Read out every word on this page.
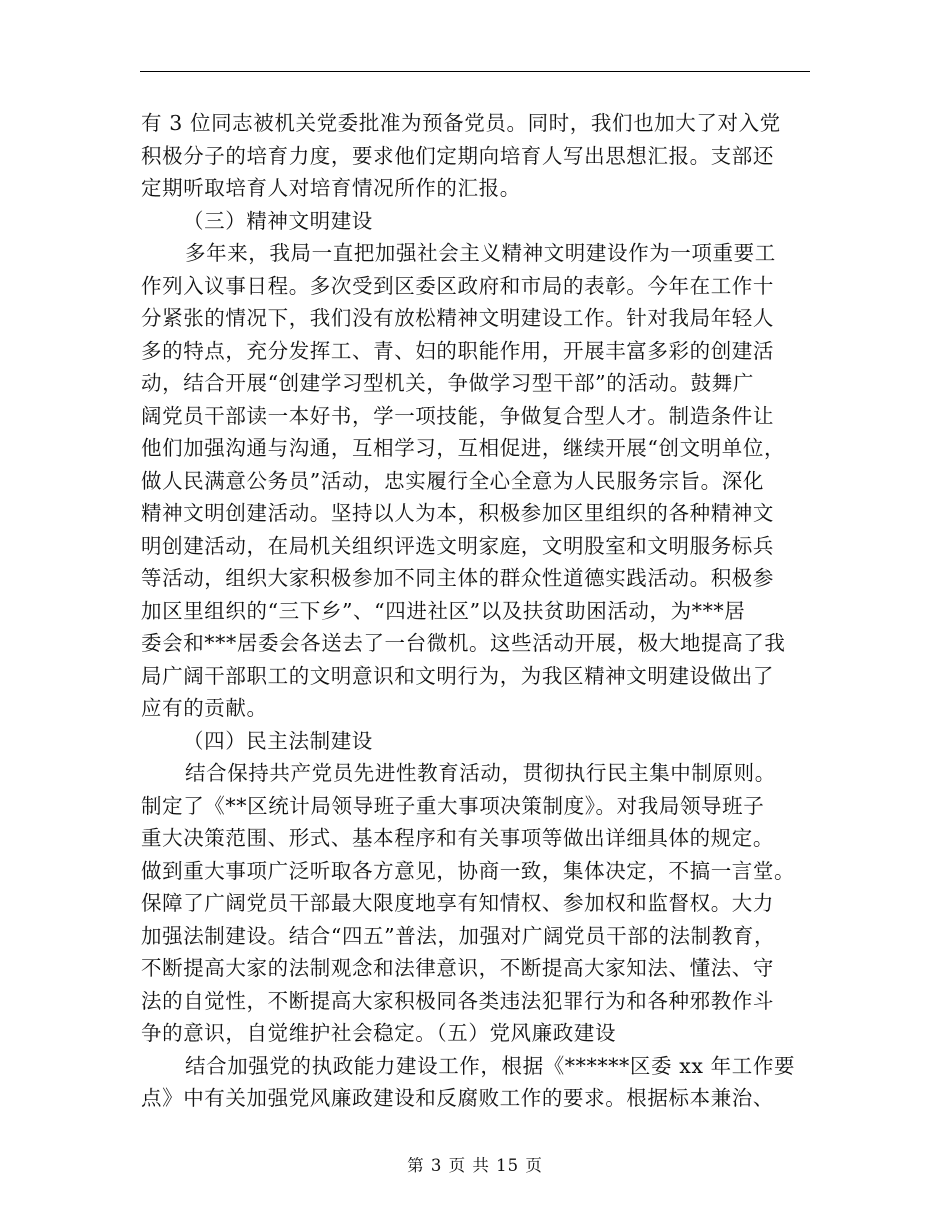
有 3 位同志被机关党委批准为预备党员。同时，我们也加大了对入党
积极分子的培育力度，要求他们定期向培育人写出思想汇报。支部还
定期听取培育人对培育情况所作的汇报。
（三）精神文明建设
多年来，我局一直把加强社会主义精神文明建设作为一项重要工
作列入议事日程。多次受到区委区政府和市局的表彰。今年在工作十
分紧张的情况下，我们没有放松精神文明建设工作。针对我局年轻人
多的特点，充分发挥工、青、妇的职能作用，开展丰富多彩的创建活
动，结合开展“创建学习型机关，争做学习型干部”的活动。鼓舞广
阔党员干部读一本好书，学一项技能，争做复合型人才。制造条件让
他们加强沟通与沟通，互相学习，互相促进，继续开展“创文明单位，
做人民满意公务员”活动，忠实履行全心全意为人民服务宗旨。深化
精神文明创建活动。坚持以人为本，积极参加区里组织的各种精神文
明创建活动，在局机关组织评选文明家庭，文明股室和文明服务标兵
等活动，组织大家积极参加不同主体的群众性道德实践活动。积极参
加区里组织的“三下乡”、“四进社区”以及扶贫助困活动，为***居
委会和***居委会各送去了一台微机。这些活动开展，极大地提高了我
局广阔干部职工的文明意识和文明行为，为我区精神文明建设做出了
应有的贡献。
（四）民主法制建设
结合保持共产党员先进性教育活动，贯彻执行民主集中制原则。
制定了《**区统计局领导班子重大事项决策制度》。对我局领导班子
重大决策范围、形式、基本程序和有关事项等做出详细具体的规定。
做到重大事项广泛听取各方意见，协商一致，集体决定，不搞一言堂。
保障了广阔党员干部最大限度地享有知情权、参加权和监督权。大力
加强法制建设。结合“四五”普法，加强对广阔党员干部的法制教育，
不断提高大家的法制观念和法律意识，不断提高大家知法、懂法、守
法的自觉性，不断提高大家积极同各类违法犯罪行为和各种邪教作斗
争的意识，自觉维护社会稳定。（五）党风廉政建设
结合加强党的执政能力建设工作，根据《******区委 xx 年工作要
点》中有关加强党风廉政建设和反腐败工作的要求。根据标本兼治、
第 3 页 共 15 页
